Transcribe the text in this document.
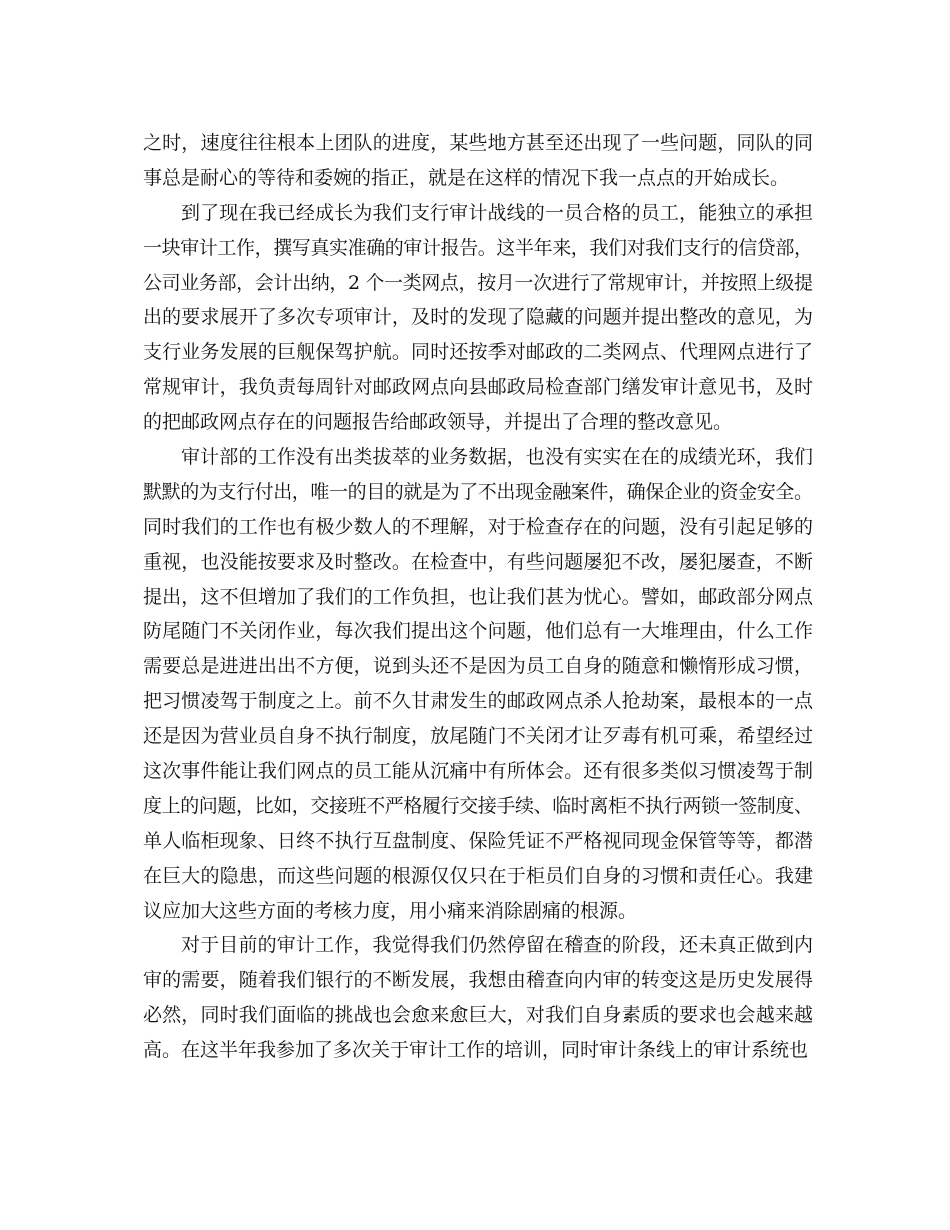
之时，速度往往根本上团队的进度，某些地方甚至还出现了一些问题，同队的同
事总是耐心的等待和委婉的指正，就是在这样的情况下我一点点的开始成长。
到了现在我已经成长为我们支行审计战线的一员合格的员工，能独立的承担
一块审计工作，撰写真实准确的审计报告。这半年来，我们对我们支行的信贷部，
公司业务部，会计出纳，2 个一类网点，按月一次进行了常规审计，并按照上级提
出的要求展开了多次专项审计，及时的发现了隐藏的问题并提出整改的意见，为
支行业务发展的巨舰保驾护航。同时还按季对邮政的二类网点、代理网点进行了
常规审计，我负责每周针对邮政网点向县邮政局检查部门缮发审计意见书，及时
的把邮政网点存在的问题报告给邮政领导，并提出了合理的整改意见。
审计部的工作没有出类拔萃的业务数据，也没有实实在在的成绩光环，我们
默默的为支行付出，唯一的目的就是为了不出现金融案件，确保企业的资金安全。
同时我们的工作也有极少数人的不理解，对于检查存在的问题，没有引起足够的
重视，也没能按要求及时整改。在检查中，有些问题屡犯不改，屡犯屡查，不断
提出，这不但增加了我们的工作负担，也让我们甚为忧心。譬如，邮政部分网点
防尾随门不关闭作业，每次我们提出这个问题，他们总有一大堆理由，什么工作
需要总是进进出出不方便，说到头还不是因为员工自身的随意和懒惰形成习惯，
把习惯凌驾于制度之上。前不久甘肃发生的邮政网点杀人抢劫案，最根本的一点
还是因为营业员自身不执行制度，放尾随门不关闭才让歹毒有机可乘，希望经过
这次事件能让我们网点的员工能从沉痛中有所体会。还有很多类似习惯凌驾于制
度上的问题，比如，交接班不严格履行交接手续、临时离柜不执行两锁一签制度、
单人临柜现象、日终不执行互盘制度、保险凭证不严格视同现金保管等等，都潜
在巨大的隐患，而这些问题的根源仅仅只在于柜员们自身的习惯和责任心。我建
议应加大这些方面的考核力度，用小痛来消除剧痛的根源。
对于目前的审计工作，我觉得我们仍然停留在稽查的阶段，还未真正做到内
审的需要，随着我们银行的不断发展，我想由稽查向内审的转变这是历史发展得
必然，同时我们面临的挑战也会愈来愈巨大，对我们自身素质的要求也会越来越
高。在这半年我参加了多次关于审计工作的培训，同时审计条线上的审计系统也
